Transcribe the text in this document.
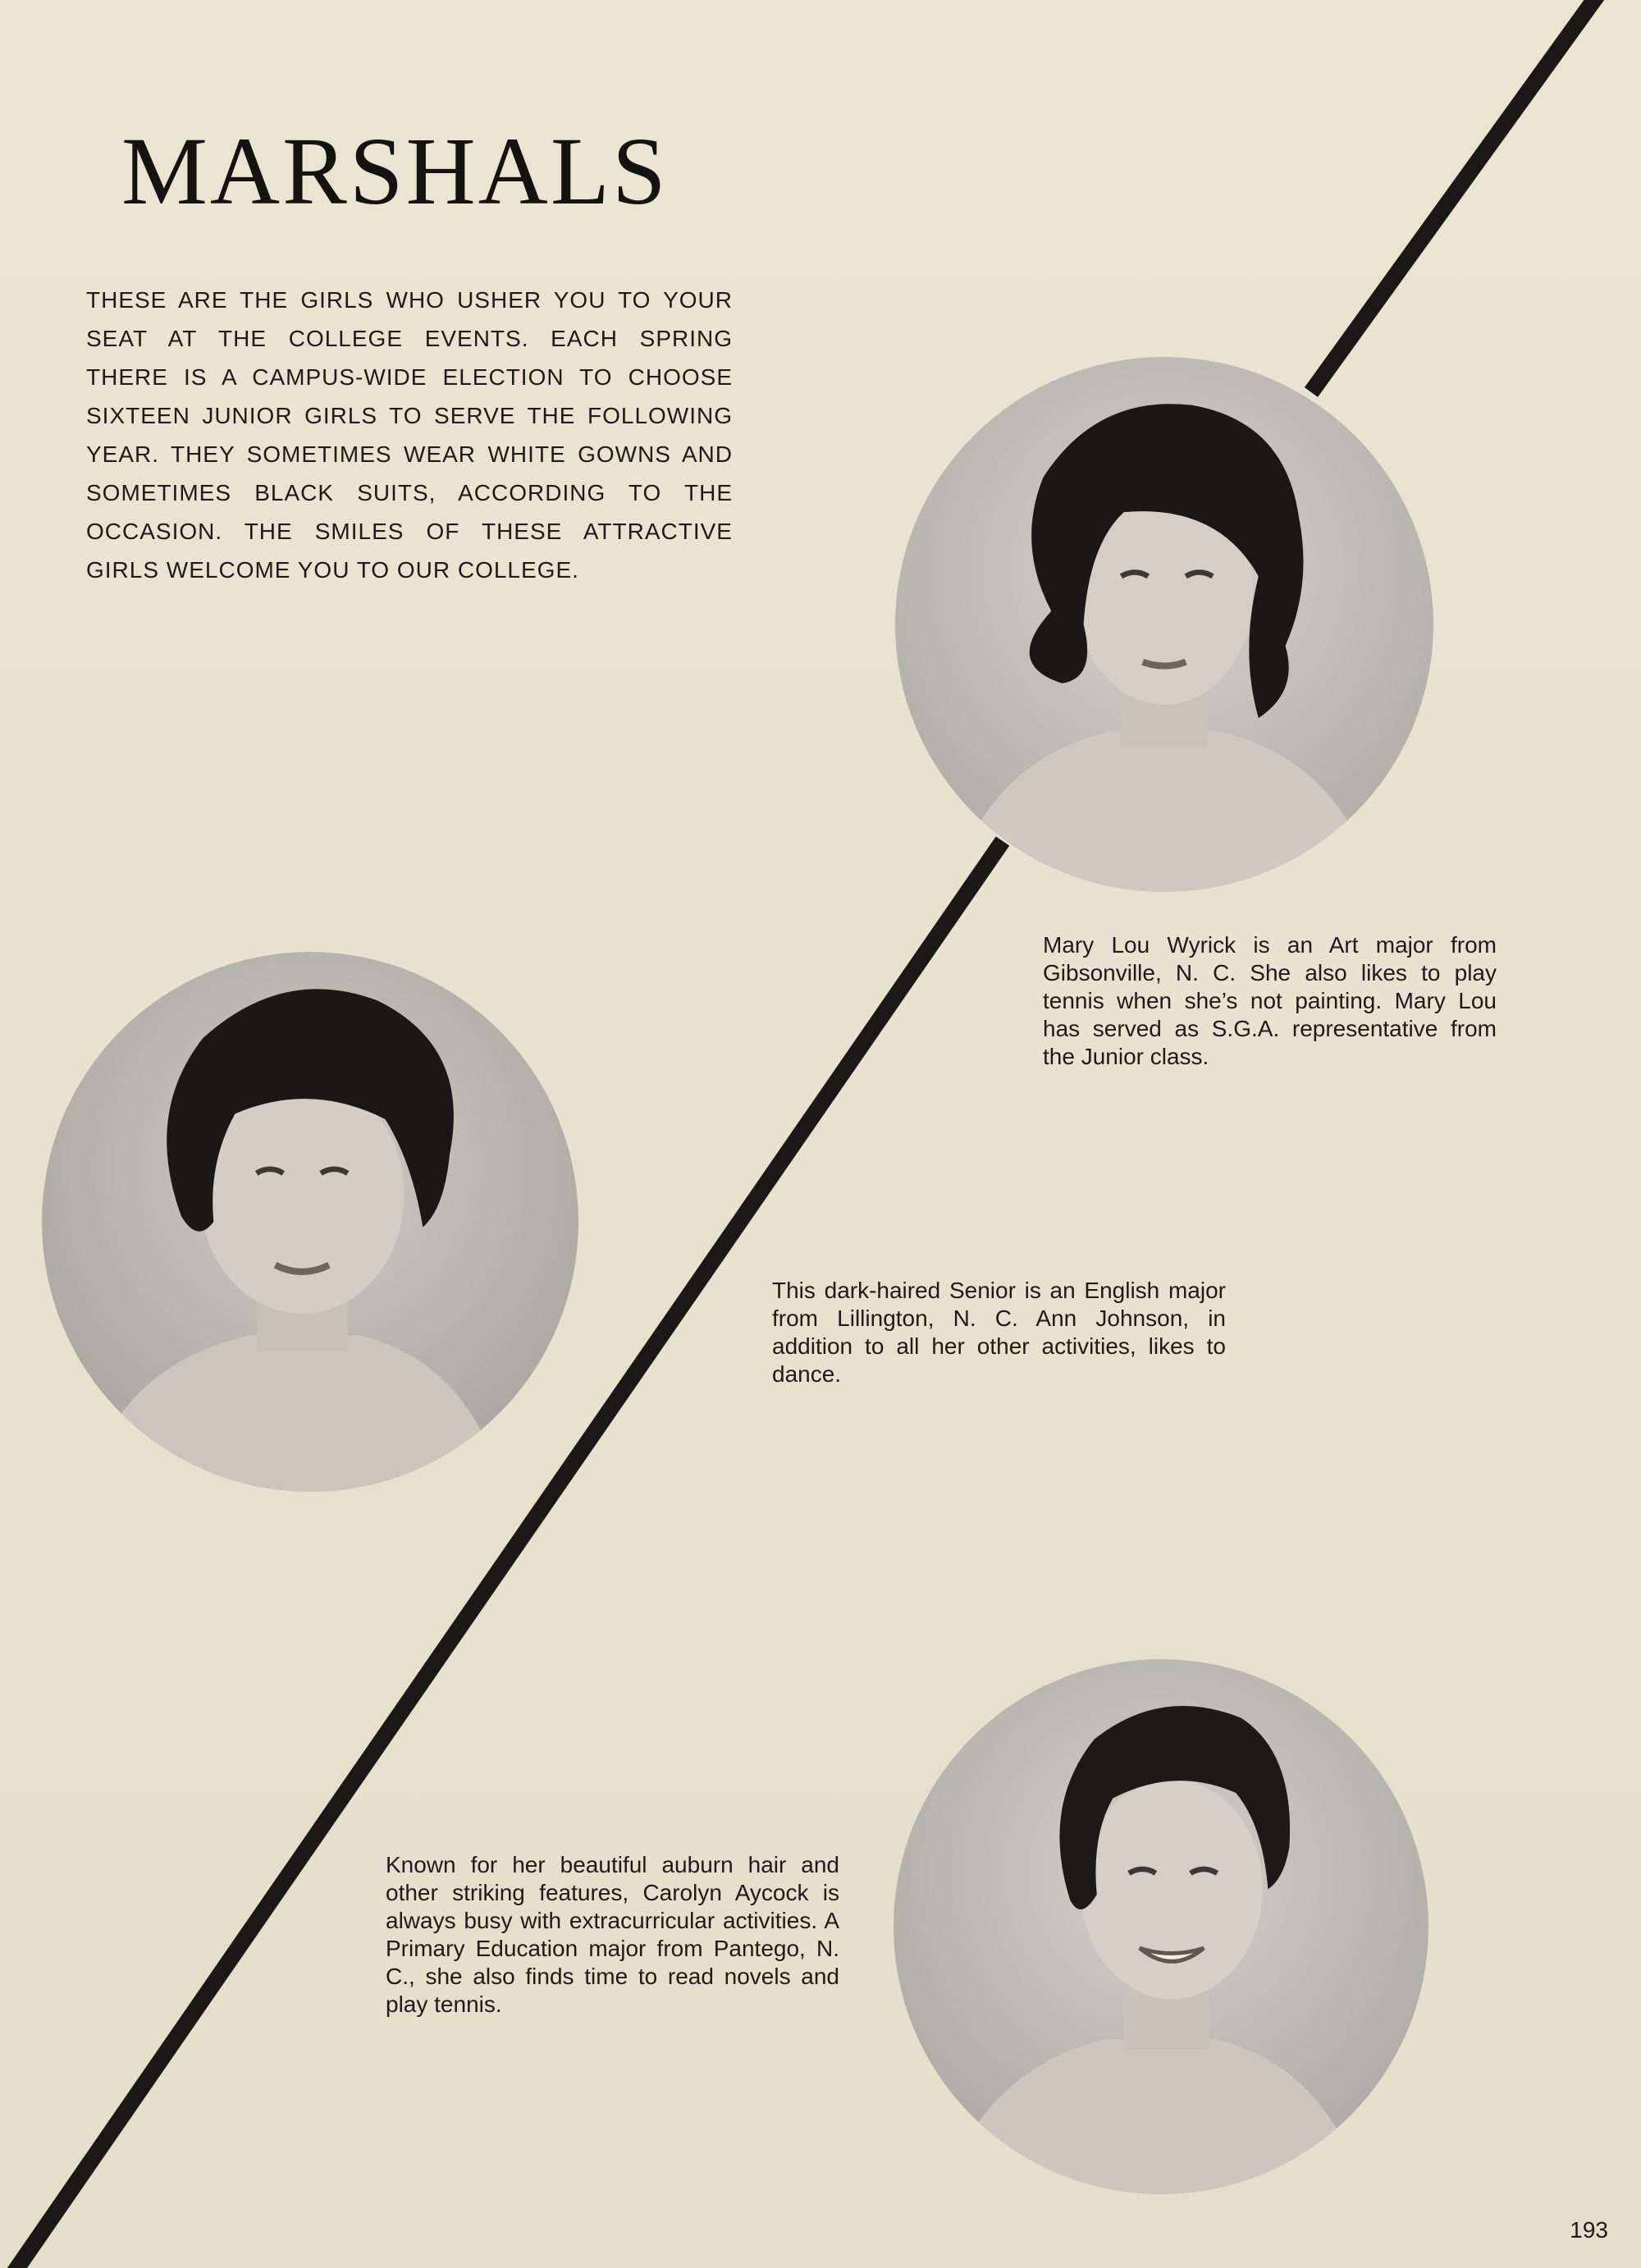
MARSHALS

THESE ARE THE GIRLS WHO USHER YOU TO YOUR SEAT AT THE COLLEGE EVENTS. EACH SPRING THERE IS A CAMPUS-WIDE ELECTION TO CHOOSE SIXTEEN JUNIOR GIRLS TO SERVE THE FOLLOWING YEAR. THEY SOMETIMES WEAR WHITE GOWNS AND SOMETIMES BLACK SUITS, ACCORDING TO THE OCCASION. THE SMILES OF THESE ATTRACTIVE GIRLS WELCOME YOU TO OUR COLLEGE.

Mary Lou Wyrick is an Art major from Gibsonville, N. C. She also likes to play tennis when she’s not painting. Mary Lou has served as S.G.A. representative from the Junior class.

This dark-haired Senior is an English major from Lillington, N. C. Ann Johnson, in addition to all her other activities, likes to dance.

Known for her beautiful auburn hair and other striking features, Carolyn Aycock is always busy with extracurricular activities. A Primary Education major from Pantego, N. C., she also finds time to read novels and play tennis.

193
